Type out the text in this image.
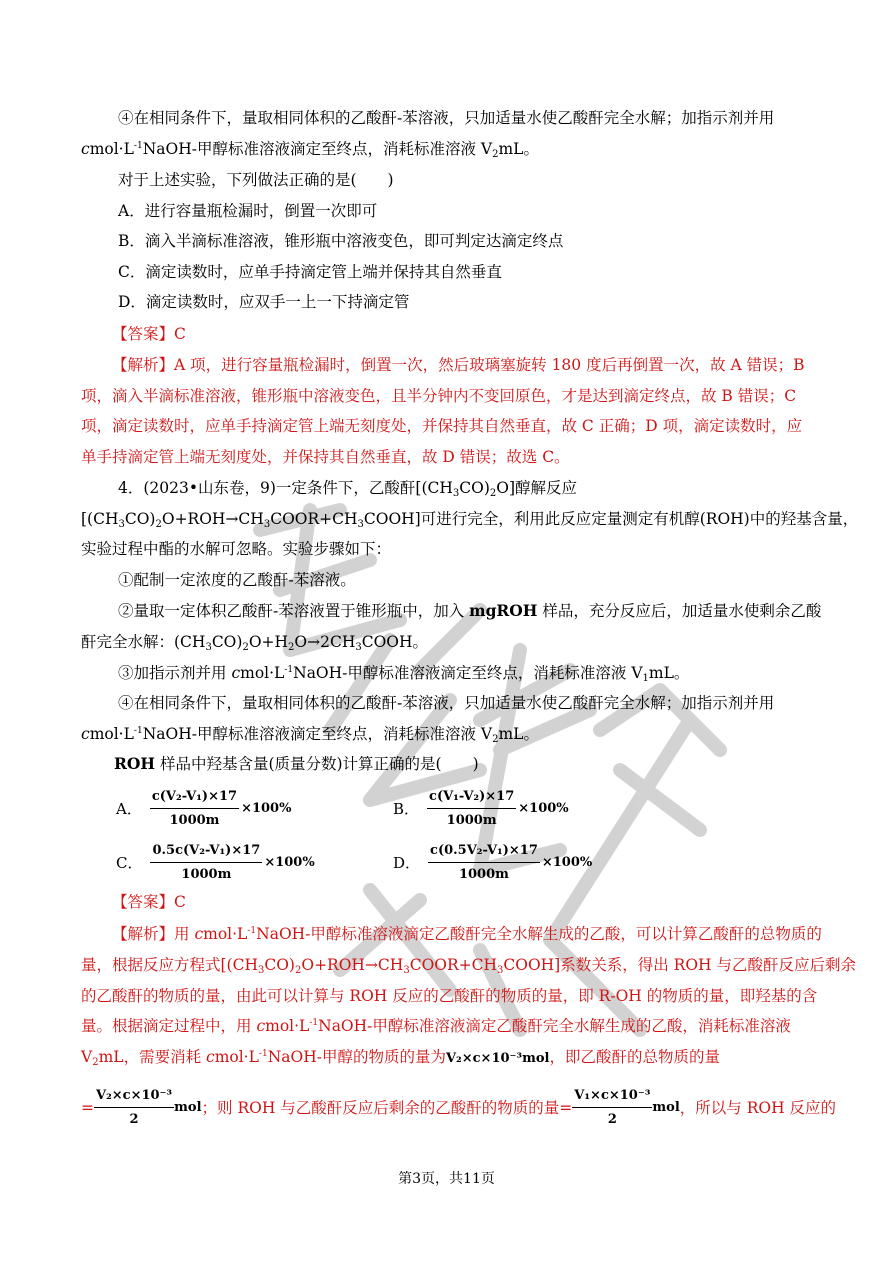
④在相同条件下，量取相同体积的乙酸酐-苯溶液，只加适量水使乙酸酐完全水解；加指示剂并用
$cmol\cdot L^{-1}NaOH-$甲醇标准溶液滴定至终点，消耗标准溶液 $V_2mL$。
对于上述实验，下列做法正确的是(　　)
A．进行容量瓶检漏时，倒置一次即可
B．滴入半滴标准溶液，锥形瓶中溶液变色，即可判定达滴定终点
C．滴定读数时，应单手持滴定管上端并保持其自然垂直
D．滴定读数时，应双手一上一下持滴定管
【答案】C
【解析】A 项，进行容量瓶检漏时，倒置一次，然后玻璃塞旋转 180 度后再倒置一次，故 A 错误；B
项，滴入半滴标准溶液，锥形瓶中溶液变色，且半分钟内不变回原色，才是达到滴定终点，故 B 错误；C
项，滴定读数时，应单手持滴定管上端无刻度处，并保持其自然垂直，故 C 正确；D 项，滴定读数时，应
单手持滴定管上端无刻度处，并保持其自然垂直，故 D 错误；故选 C。
4．(2023•山东卷，9)一定条件下，乙酸酐$[(CH_3CO)_2O]$醇解反应
$[(CH_3CO)_2O+ROH\to CH_3COOR+CH_3COOH]$可进行完全，利用此反应定量测定有机醇(ROH)中的羟基含量，
实验过程中酯的水解可忽略。实验步骤如下：
①配制一定浓度的乙酸酐-苯溶液。
②量取一定体积乙酸酐-苯溶液置于锥形瓶中，加入 mgROH 样品，充分反应后，加适量水使剩余乙酸
酐完全水解：$(CH_3CO)_2O+H_2O\to 2CH_3COOH$。
③加指示剂并用 $cmol\cdot L^{-1}NaOH-$甲醇标准溶液滴定至终点，消耗标准溶液 $V_1mL$。
④在相同条件下，量取相同体积的乙酸酐-苯溶液，只加适量水使乙酸酐完全水解；加指示剂并用
$cmol\cdot L^{-1}NaOH-$甲醇标准溶液滴定至终点，消耗标准溶液 $V_2mL$。
ROH 样品中羟基含量(质量分数)计算正确的是(　　)
A． $\frac{\text{c(V₂-V₁)×17}}{1000m} \times 100\%$	B． $\frac{\text{c(V₁-V₂)×17}}{1000m} \times 100\%$
C． $\frac{\text{0.5c(V₂-V₁)×17}}{1000m} \times 100\%$	D． $\frac{\text{c(0.5V₂-V₁)×17}}{1000m} \times 100\%$
【答案】C
【解析】用 $cmol\cdot L^{-1}NaOH-$甲醇标准溶液滴定乙酸酐完全水解生成的乙酸，可以计算乙酸酐的总物质的
量，根据反应方程式$[(CH_3CO)_2O+ROH\to CH_3COOR+CH_3COOH]$系数关系，得出 ROH 与乙酸酐反应后剩余
的乙酸酐的物质的量，由此可以计算与 ROH 反应的乙酸酐的物质的量，即 R-OH 的物质的量，即羟基的含
量。根据滴定过程中，用 $cmol\cdot L^{-1}NaOH-$甲醇标准溶液滴定乙酸酐完全水解生成的乙酸，消耗标准溶液
$V_2mL$，需要消耗 $cmol\cdot L^{-1}NaOH-$甲醇的物质的量为V₂×c×10⁻³mol，即乙酸酐的总物质的量
= $\frac{\text{V₂×c×10⁻³}}{2}$ mol；则 ROH 与乙酸酐反应后剩余的乙酸酐的物质的量= $\frac{\text{V₁×c×10⁻³}}{2}$ mol，所以与 ROH 反应的
第3页，共11页
